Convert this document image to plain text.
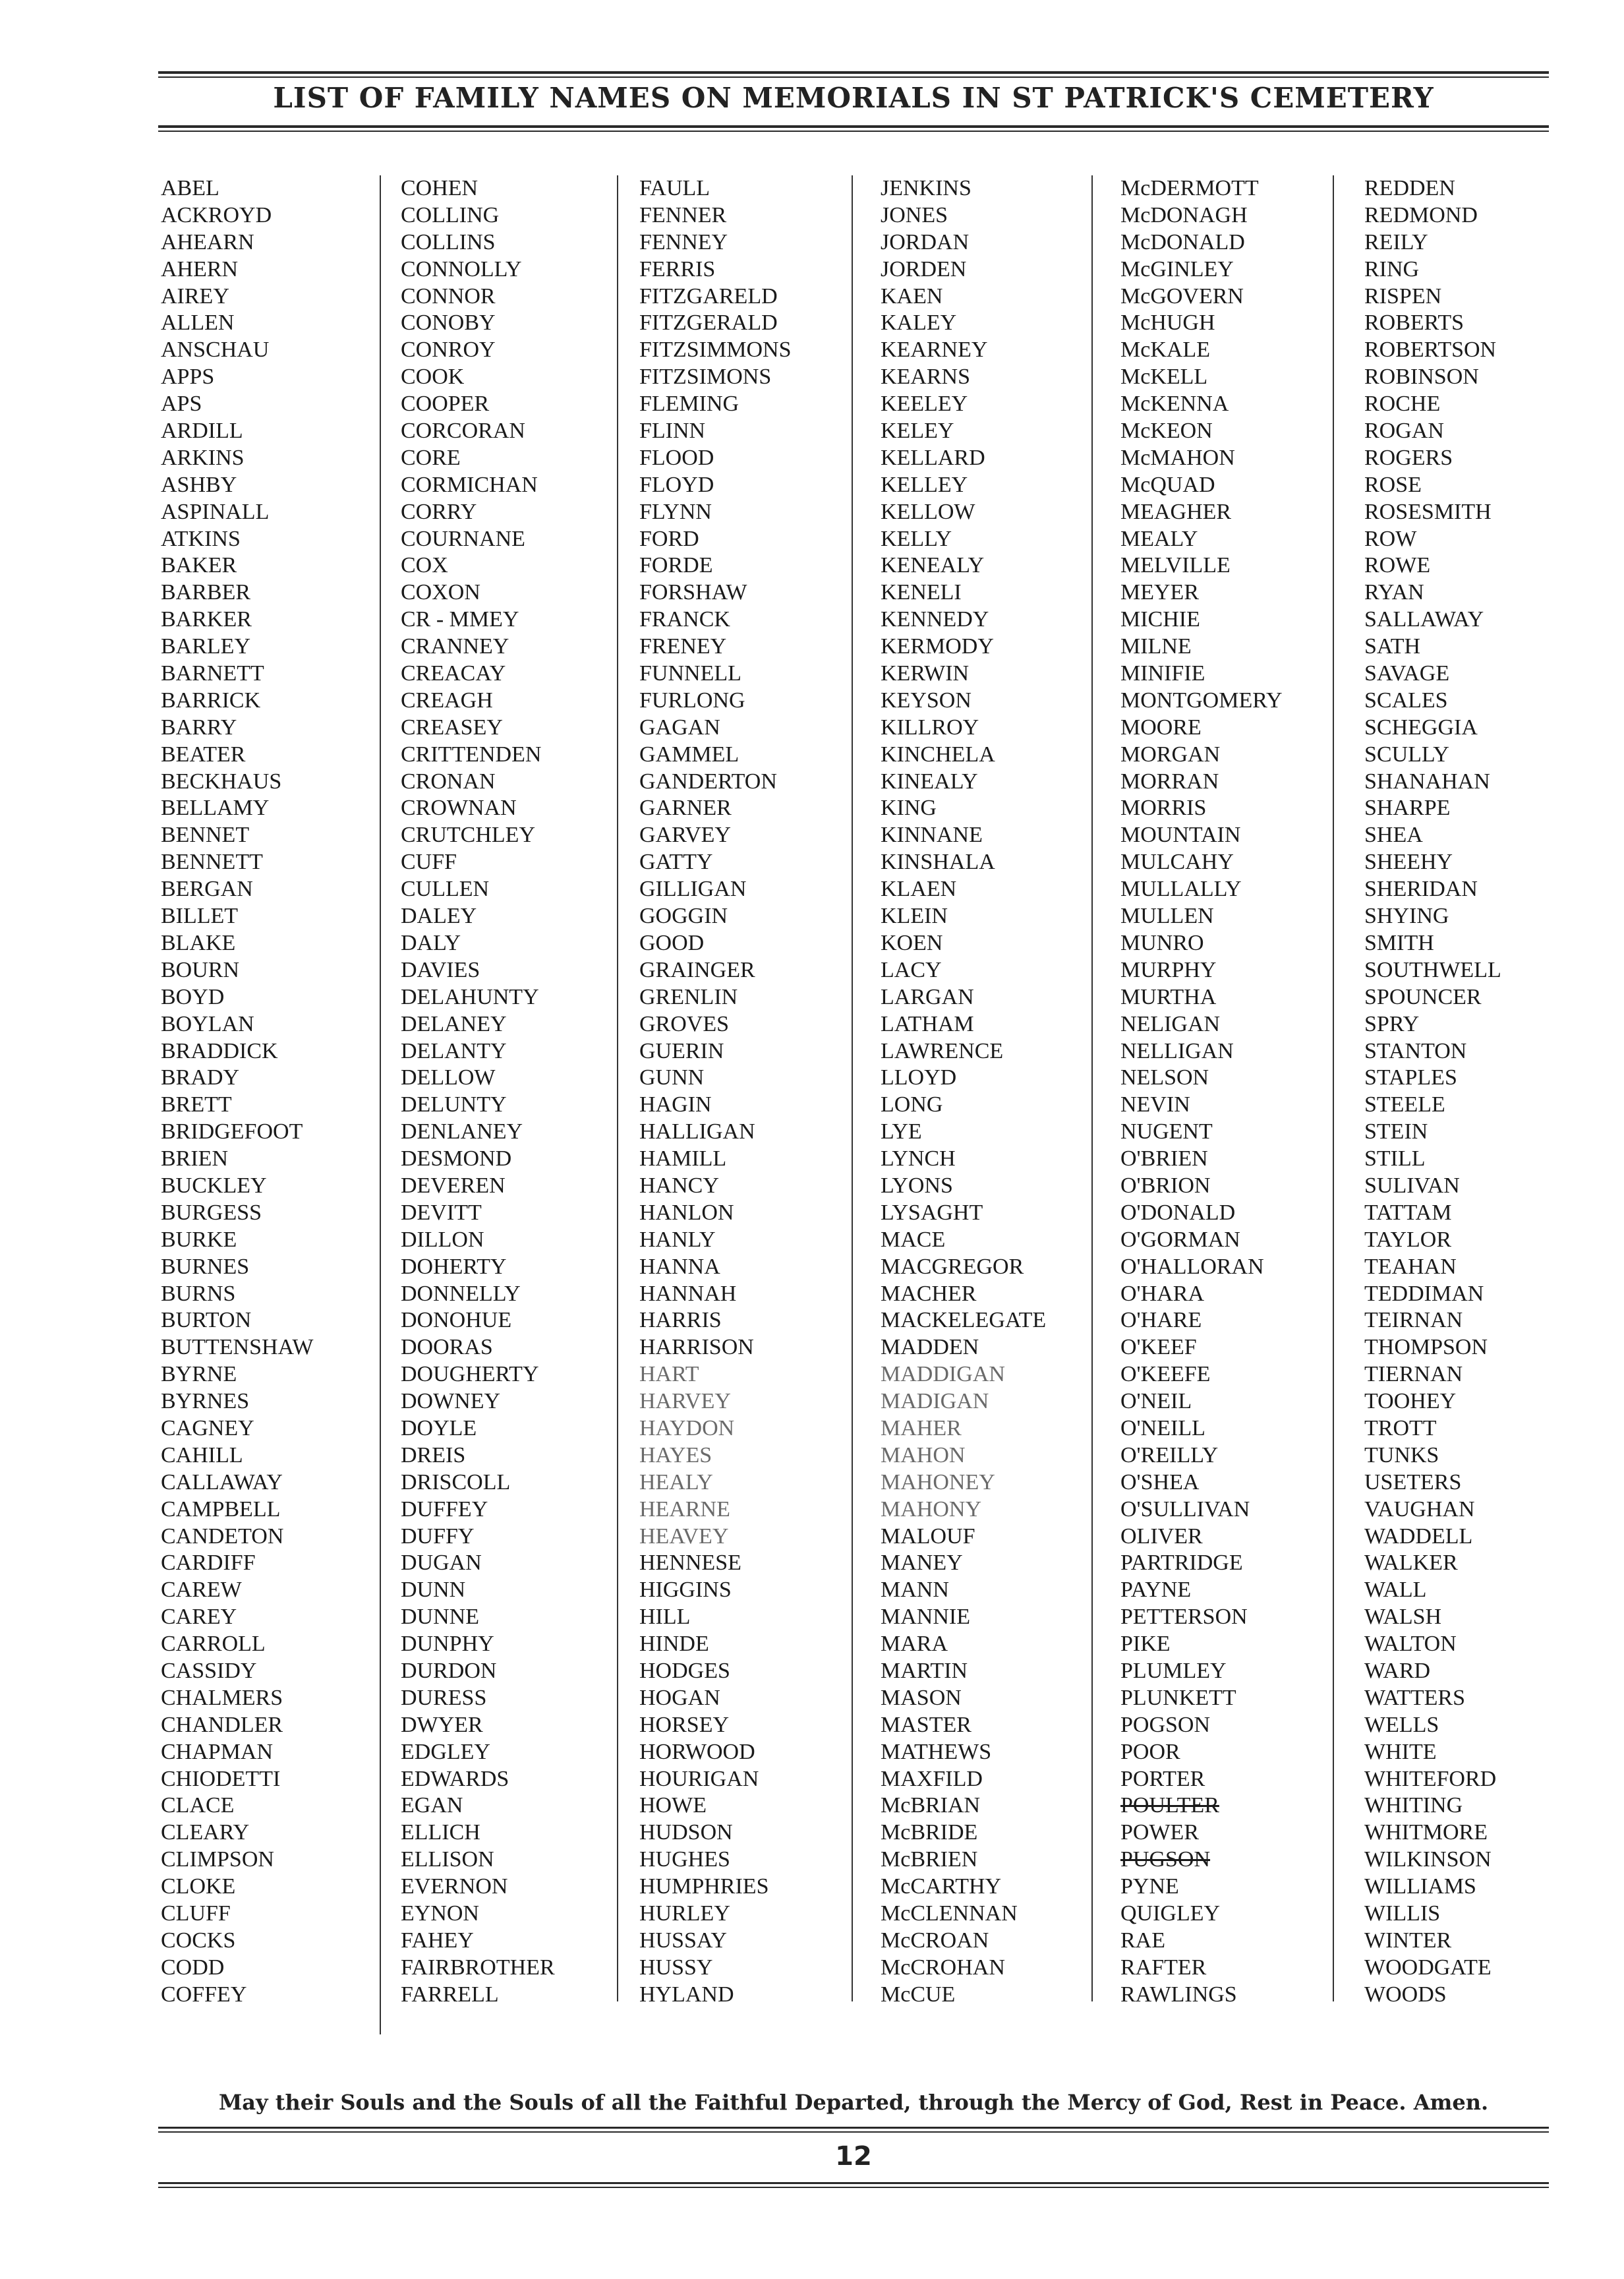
LIST OF FAMILY NAMES ON MEMORIALS IN ST PATRICK'S CEMETERY
ABEL
ACKROYD
AHEARN
AHERN
AIREY
ALLEN
ANSCHAU
APPS
APS
ARDILL
ARKINS
ASHBY
ASPINALL
ATKINS
BAKER
BARBER
BARKER
BARLEY
BARNETT
BARRICK
BARRY
BEATER
BECKHAUS
BELLAMY
BENNET
BENNETT
BERGAN
BILLET
BLAKE
BOURN
BOYD
BOYLAN
BRADDICK
BRADY
BRETT
BRIDGEFOOT
BRIEN
BUCKLEY
BURGESS
BURKE
BURNES
BURNS
BURTON
BUTTENSHAW
BYRNE
BYRNES
CAGNEY
CAHILL
CALLAWAY
CAMPBELL
CANDETON
CARDIFF
CAREW
CAREY
CARROLL
CASSIDY
CHALMERS
CHANDLER
CHAPMAN
CHIODETTI
CLACE
CLEARY
CLIMPSON
CLOKE
CLUFF
COCKS
CODD
COFFEY
COHEN
COLLING
COLLINS
CONNOLLY
CONNOR
CONOBY
CONROY
COOK
COOPER
CORCORAN
CORE
CORMICHAN
CORRY
COURNANE
COX
COXON
CR - MMEY
CRANNEY
CREACAY
CREAGH
CREASEY
CRITTENDEN
CRONAN
CROWNAN
CRUTCHLEY
CUFF
CULLEN
DALEY
DALY
DAVIES
DELAHUNTY
DELANEY
DELANTY
DELLOW
DELUNTY
DENLANEY
DESMOND
DEVEREN
DEVITT
DILLON
DOHERTY
DONNELLY
DONOHUE
DOORAS
DOUGHERTY
DOWNEY
DOYLE
DREIS
DRISCOLL
DUFFEY
DUFFY
DUGAN
DUNN
DUNNE
DUNPHY
DURDON
DURESS
DWYER
EDGLEY
EDWARDS
EGAN
ELLICH
ELLISON
EVERNON
EYNON
FAHEY
FAIRBROTHER
FARRELL
FAULL
FENNER
FENNEY
FERRIS
FITZGARELD
FITZGERALD
FITZSIMMONS
FITZSIMONS
FLEMING
FLINN
FLOOD
FLOYD
FLYNN
FORD
FORDE
FORSHAW
FRANCK
FRENEY
FUNNELL
FURLONG
GAGAN
GAMMEL
GANDERTON
GARNER
GARVEY
GATTY
GILLIGAN
GOGGIN
GOOD
GRAINGER
GRENLIN
GROVES
GUERIN
GUNN
HAGIN
HALLIGAN
HAMILL
HANCY
HANLON
HANLY
HANNA
HANNAH
HARRIS
HARRISON
HART
HARVEY
HAYDON
HAYES
HEALY
HEARNE
HEAVEY
HENNESE
HIGGINS
HILL
HINDE
HODGES
HOGAN
HORSEY
HORWOOD
HOURIGAN
HOWE
HUDSON
HUGHES
HUMPHRIES
HURLEY
HUSSAY
HUSSY
HYLAND
JENKINS
JONES
JORDAN
JORDEN
KAEN
KALEY
KEARNEY
KEARNS
KEELEY
KELEY
KELLARD
KELLEY
KELLOW
KELLY
KENEALY
KENELI
KENNEDY
KERMODY
KERWIN
KEYSON
KILLROY
KINCHELA
KINEALY
KING
KINNANE
KINSHALA
KLAEN
KLEIN
KOEN
LACY
LARGAN
LATHAM
LAWRENCE
LLOYD
LONG
LYE
LYNCH
LYONS
LYSAGHT
MACE
MACGREGOR
MACHER
MACKELEGATE
MADDEN
MADDIGAN
MADIGAN
MAHER
MAHON
MAHONEY
MAHONY
MALOUF
MANEY
MANN
MANNIE
MARA
MARTIN
MASON
MASTER
MATHEWS
MAXFILD
McBRIAN
McBRIDE
McBRIEN
McCARTHY
McCLENNAN
McCROAN
McCROHAN
McCUE
McDERMOTT
McDONAGH
McDONALD
McGINLEY
McGOVERN
McHUGH
McKALE
McKELL
McKENNA
McKEON
McMAHON
McQUAD
MEAGHER
MEALY
MELVILLE
MEYER
MICHIE
MILNE
MINIFIE
MONTGOMERY
MOORE
MORGAN
MORRAN
MORRIS
MOUNTAIN
MULCAHY
MULLALLY
MULLEN
MUNRO
MURPHY
MURTHA
NELIGAN
NELLIGAN
NELSON
NEVIN
NUGENT
O'BRIEN
O'BRION
O'DONALD
O'GORMAN
O'HALLORAN
O'HARA
O'HARE
O'KEEF
O'KEEFE
O'NEIL
O'NEILL
O'REILLY
O'SHEA
O'SULLIVAN
OLIVER
PARTRIDGE
PAYNE
PETTERSON
PIKE
PLUMLEY
PLUNKETT
POGSON
POOR
PORTER
POULTER
POWER
PUGSON
PYNE
QUIGLEY
RAE
RAFTER
RAWLINGS
REDDEN
REDMOND
REILY
RING
RISPEN
ROBERTS
ROBERTSON
ROBINSON
ROCHE
ROGAN
ROGERS
ROSE
ROSESMITH
ROW
ROWE
RYAN
SALLAWAY
SATH
SAVAGE
SCALES
SCHEGGIA
SCULLY
SHANAHAN
SHARPE
SHEA
SHEEHY
SHERIDAN
SHYING
SMITH
SOUTHWELL
SPOUNCER
SPRY
STANTON
STAPLES
STEELE
STEIN
STILL
SULIVAN
TATTAM
TAYLOR
TEAHAN
TEDDIMAN
TEIRNAN
THOMPSON
TIERNAN
TOOHEY
TROTT
TUNKS
USETERS
VAUGHAN
WADDELL
WALKER
WALL
WALSH
WALTON
WARD
WATTERS
WELLS
WHITE
WHITEFORD
WHITING
WHITMORE
WILKINSON
WILLIAMS
WILLIS
WINTER
WOODGATE
WOODS
May their Souls and the Souls of all the Faithful Departed, through the Mercy of God, Rest in Peace. Amen.
12
